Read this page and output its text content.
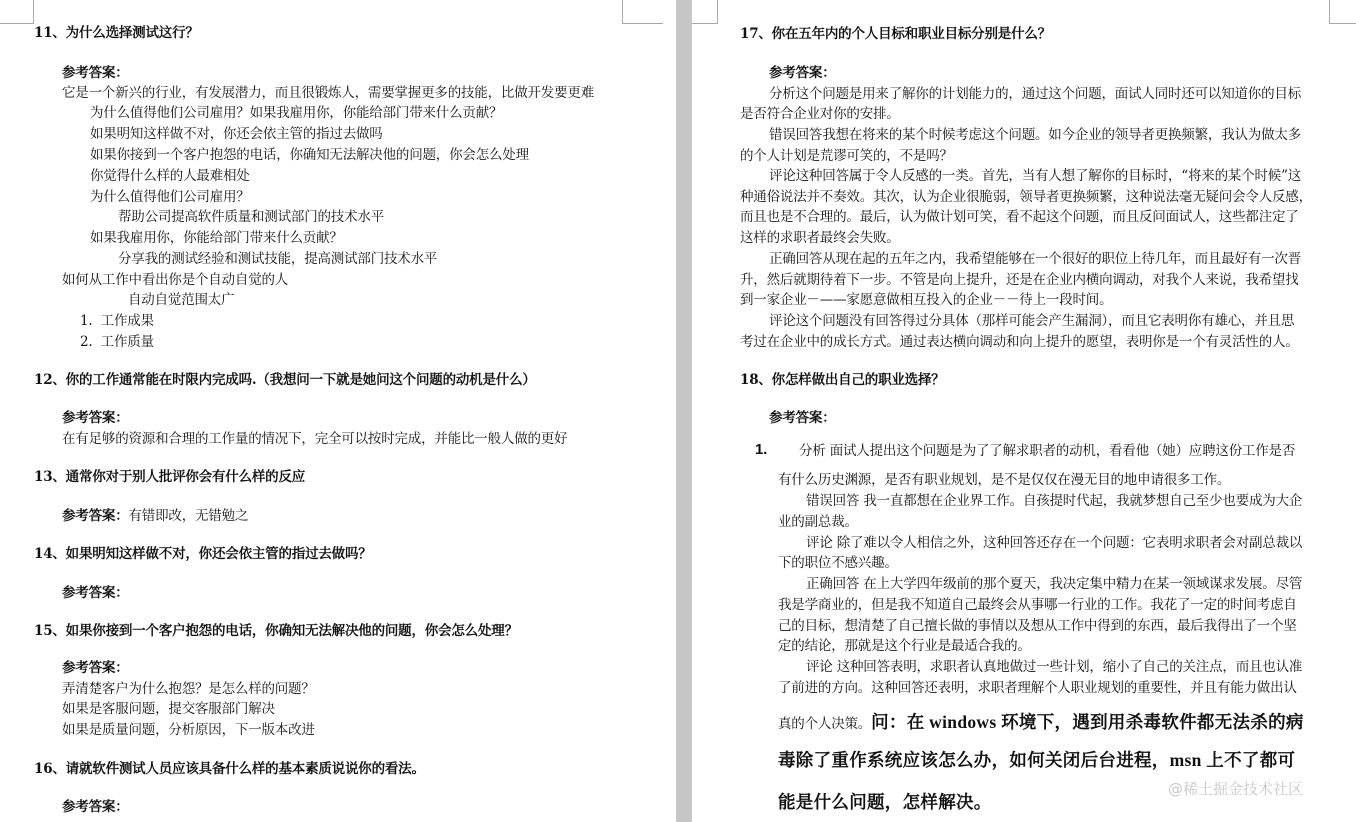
11、为什么选择测试这行？
参考答案：
它是一个新兴的行业，有发展潜力，而且很锻炼人，需要掌握更多的技能，比做开发要更难
为什么值得他们公司雇用？如果我雇用你，你能给部门带来什么贡献？
如果明知这样做不对，你还会依主管的指过去做吗
如果你接到一个客户抱怨的电话，你确知无法解决他的问题，你会怎么处理
你觉得什么样的人最难相处
为什么值得他们公司雇用？
帮助公司提高软件质量和测试部门的技术水平
如果我雇用你，你能给部门带来什么贡献？
分享我的测试经验和测试技能，提高测试部门技术水平
如何从工作中看出你是个自动自觉的人
自动自觉范围太广
1. 工作成果
2. 工作质量
12、你的工作通常能在时限内完成吗.（我想问一下就是她问这个问题的动机是什么）
参考答案：
在有足够的资源和合理的工作量的情况下，完全可以按时完成，并能比一般人做的更好
13、通常你对于别人批评你会有什么样的反应
参考答案：有错即改，无错勉之
14、如果明知这样做不对，你还会依主管的指过去做吗？
参考答案：
15、如果你接到一个客户抱怨的电话，你确知无法解决他的问题，你会怎么处理？
参考答案：
弄清楚客户为什么抱怨？是怎么样的问题？
如果是客服问题，提交客服部门解决
如果是质量问题，分析原因，下一版本改进
16、请就软件测试人员应该具备什么样的基本素质说说你的看法。
参考答案：
17、你在五年内的个人目标和职业目标分别是什么？
参考答案：
分析这个问题是用来了解你的计划能力的，通过这个问题，面试人同时还可以知道你的目标
是否符合企业对你的安排。
错误回答我想在将来的某个时候考虑这个问题。如今企业的领导者更换频繁，我认为做太多
的个人计划是荒谬可笑的，不是吗？
评论这种回答属于令人反感的一类。首先，当有人想了解你的目标时，“将来的某个时候”这
种通俗说法并不奏效。其次，认为企业很脆弱，领导者更换频繁，这种说法毫无疑问会令人反感，
而且也是不合理的。最后，认为做计划可笑，看不起这个问题，而且反问面试人，这些都注定了
这样的求职者最终会失败。
正确回答从现在起的五年之内，我希望能够在一个很好的职位上待几年，而且最好有一次晋
升，然后就期待着下一步。不管是向上提升，还是在企业内横向调动，对我个人来说，我希望找
到一家企业－——家愿意做相互投入的企业－－待上一段时间。
评论这个问题没有回答得过分具体（那样可能会产生漏洞），而且它表明你有雄心，并且思
考过在企业中的成长方式。通过表达横向调动和向上提升的愿望，表明你是一个有灵活性的人。
18、你怎样做出自己的职业选择？
参考答案：
1. 分析 面试人提出这个问题是为了了解求职者的动机，看看他（她）应聘这份工作是否
有什么历史渊源，是否有职业规划，是不是仅仅在漫无目的地申请很多工作。
错误回答 我一直都想在企业界工作。自孩提时代起，我就梦想自己至少也要成为大企
业的副总裁。
评论 除了难以令人相信之外，这种回答还存在一个问题：它表明求职者会对副总裁以
下的职位不感兴趣。
正确回答 在上大学四年级前的那个夏天，我决定集中精力在某一领域谋求发展。尽管
我是学商业的，但是我不知道自己最终会从事哪一行业的工作。我花了一定的时间考虑自
己的目标，想清楚了自己擅长做的事情以及想从工作中得到的东西，最后我得出了一个坚
定的结论，那就是这个行业是最适合我的。
评论 这种回答表明，求职者认真地做过一些计划，缩小了自己的关注点，而且也认准
了前进的方向。这种回答还表明，求职者理解个人职业规划的重要性，并且有能力做出认
真的个人决策。问：在 windows 环境下，遇到用杀毒软件都无法杀的病
毒除了重作系统应该怎么办，如何关闭后台进程，msn 上不了都可
能是什么问题，怎样解决。
@稀土掘金技术社区
